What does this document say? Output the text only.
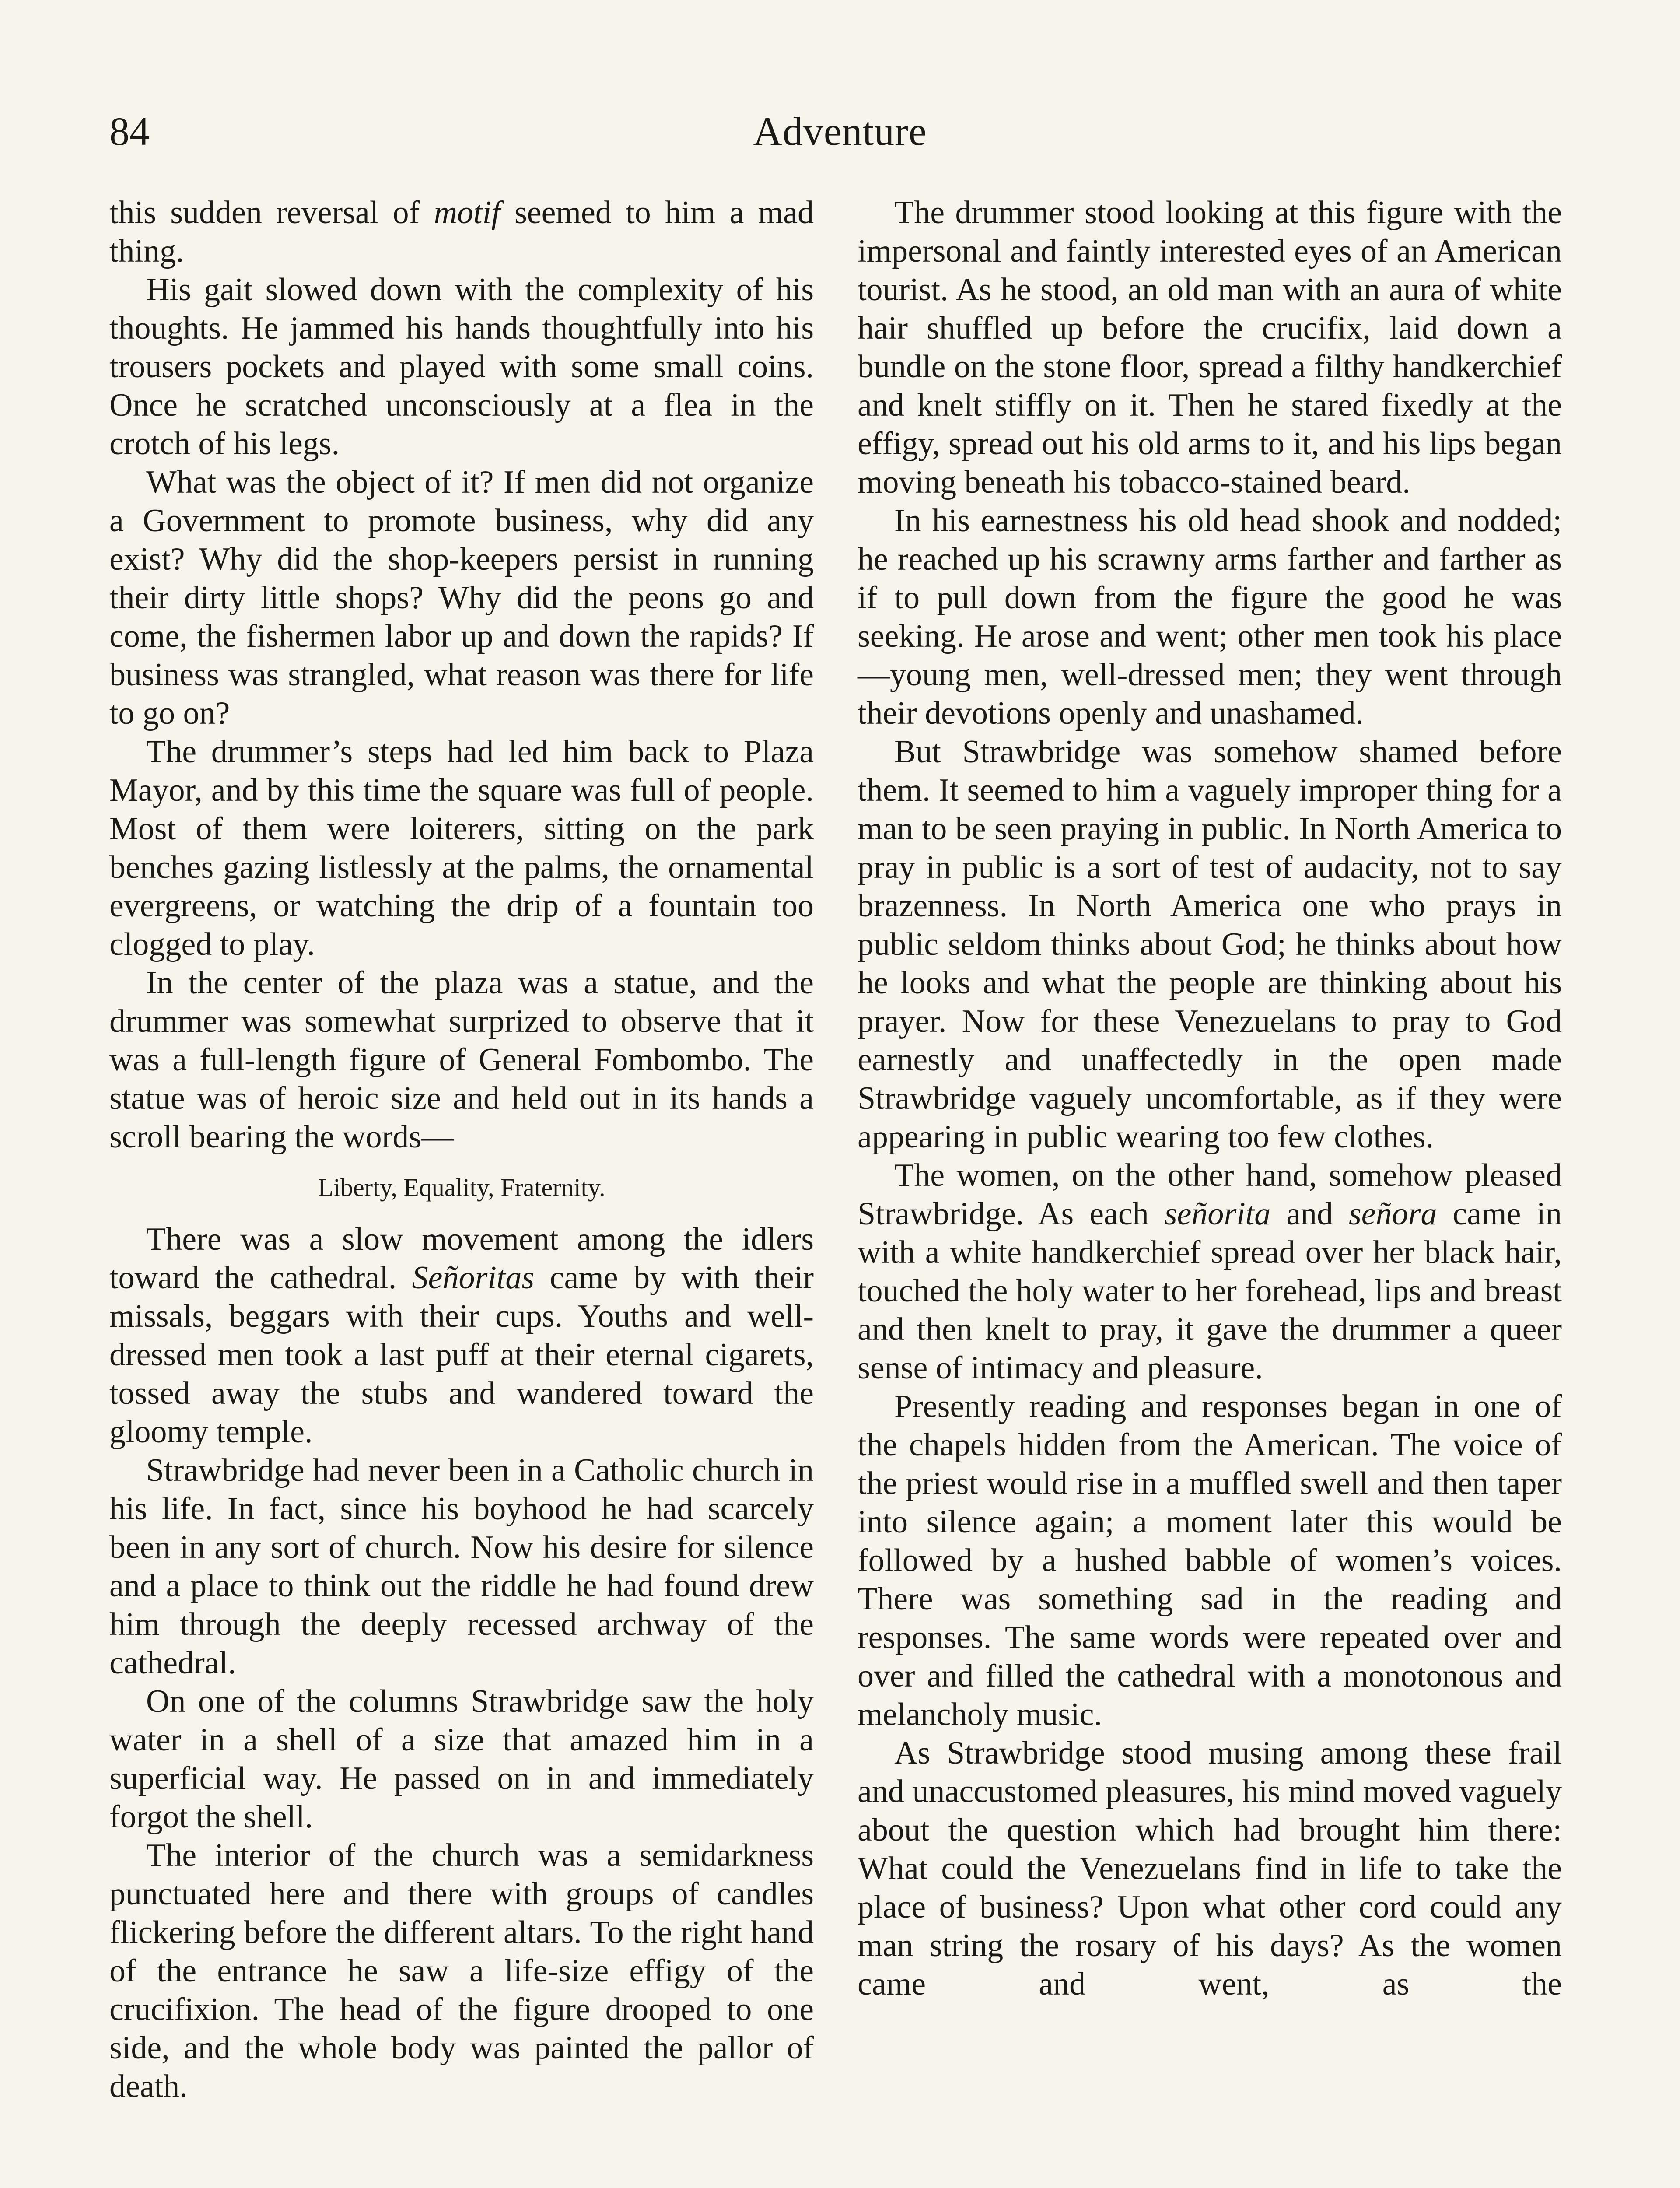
84	Adventure

this sudden reversal of motif seemed to him a mad thing.

His gait slowed down with the complexity of his thoughts. He jammed his hands thoughtfully into his trousers pockets and played with some small coins. Once he scratched unconsciously at a flea in the crotch of his legs.

What was the object of it? If men did not organize a Government to promote business, why did any exist? Why did the shop-keepers persist in running their dirty little shops? Why did the peons go and come, the fishermen labor up and down the rapids? If business was strangled, what reason was there for life to go on?

The drummer’s steps had led him back to Plaza Mayor, and by this time the square was full of people. Most of them were loiterers, sitting on the park benches gazing listlessly at the palms, the ornamental evergreens, or watching the drip of a fountain too clogged to play.

In the center of the plaza was a statue, and the drummer was somewhat surprized to observe that it was a full-length figure of General Fombombo. The statue was of heroic size and held out in its hands a scroll bearing the words—

Liberty, Equality, Fraternity.

There was a slow movement among the idlers toward the cathedral. Señoritas came by with their missals, beggars with their cups. Youths and well-dressed men took a last puff at their eternal cigarets, tossed away the stubs and wandered toward the gloomy temple.

Strawbridge had never been in a Catholic church in his life. In fact, since his boyhood he had scarcely been in any sort of church. Now his desire for silence and a place to think out the riddle he had found drew him through the deeply recessed archway of the cathedral.

On one of the columns Strawbridge saw the holy water in a shell of a size that amazed him in a superficial way. He passed on in and immediately forgot the shell.

The interior of the church was a semidarkness punctuated here and there with groups of candles flickering before the different altars. To the right hand of the entrance he saw a life-size effigy of the crucifixion. The head of the figure drooped to one side, and the whole body was painted the pallor of death.

The drummer stood looking at this figure with the impersonal and faintly interested eyes of an American tourist. As he stood, an old man with an aura of white hair shuffled up before the crucifix, laid down a bundle on the stone floor, spread a filthy handkerchief and knelt stiffly on it. Then he stared fixedly at the effigy, spread out his old arms to it, and his lips began moving beneath his tobacco-stained beard.

In his earnestness his old head shook and nodded; he reached up his scrawny arms farther and farther as if to pull down from the figure the good he was seeking. He arose and went; other men took his place—young men, well-dressed men; they went through their devotions openly and unashamed.

But Strawbridge was somehow shamed before them. It seemed to him a vaguely improper thing for a man to be seen praying in public. In North America to pray in public is a sort of test of audacity, not to say brazenness. In North America one who prays in public seldom thinks about God; he thinks about how he looks and what the people are thinking about his prayer. Now for these Venezuelans to pray to God earnestly and unaffectedly in the open made Strawbridge vaguely uncomfortable, as if they were appearing in public wearing too few clothes.

The women, on the other hand, somehow pleased Strawbridge. As each señorita and señora came in with a white handkerchief spread over her black hair, touched the holy water to her forehead, lips and breast and then knelt to pray, it gave the drummer a queer sense of intimacy and pleasure.

Presently reading and responses began in one of the chapels hidden from the American. The voice of the priest would rise in a muffled swell and then taper into silence again; a moment later this would be followed by a hushed babble of women’s voices. There was something sad in the reading and responses. The same words were repeated over and over and filled the cathedral with a monotonous and melancholy music.

As Strawbridge stood musing among these frail and unaccustomed pleasures, his mind moved vaguely about the question which had brought him there: What could the Venezuelans find in life to take the place of business? Upon what other cord could any man string the rosary of his days? As the women came and went, as the
